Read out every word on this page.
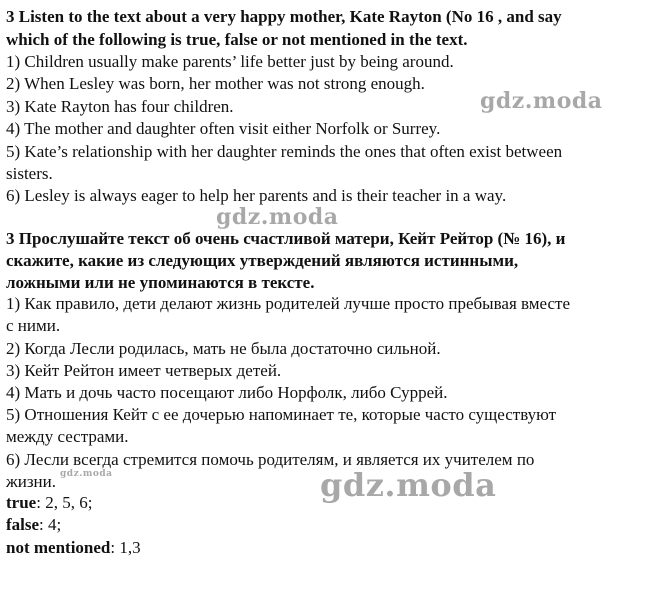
3 Listen to the text about a very happy mother, Kate Rayton (No 16 , and say
which of the following is true, false or not mentioned in the text.
1) Children usually make parents’ life better just by being around.
2) When Lesley was born, her mother was not strong enough.
3) Kate Rayton has four children.
4) The mother and daughter often visit either Norfolk or Surrey.
5) Kate’s relationship with her daughter reminds the ones that often exist between
sisters.
6) Lesley is always eager to help her parents and is their teacher in a way.
3 Прослушайте текст об очень счастливой матери, Кейт Рейтор (№ 16), и
скажите, какие из следующих утверждений являются истинными,
ложными или не упоминаются в тексте.
1) Как правило, дети делают жизнь родителей лучше просто пребывая вместе
с ними.
2) Когда Лесли родилась, мать не была достаточно сильной.
3) Кейт Рейтон имеет четверых детей.
4) Мать и дочь часто посещают либо Норфолк, либо Суррей.
5) Отношения Кейт с ее дочерью напоминает те, которые часто существуют
между сестрами.
6) Лесли всегда стремится помочь родителям, и является их учителем по
жизни.
true: 2, 5, 6;
false: 4;
not mentioned: 1,3
gdz.moda
gdz.moda
gdz.moda
gdz.moda
